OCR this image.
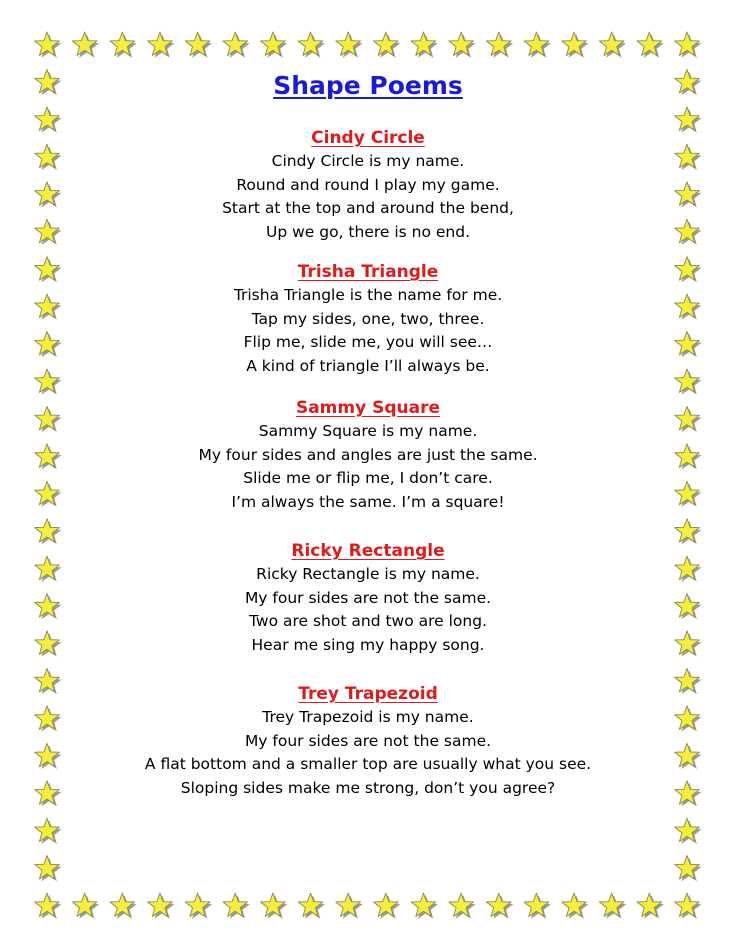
Shape Poems
Cindy Circle

Cindy Circle is my name.

Round and round I play my game.

Start at the top and around the bend,

Up we go, there is no end.

Trisha Triangle

Trisha Triangle is the name for me.

Tap my sides, one, two, three.

Flip me, slide me, you will see…

A kind of triangle I’ll always be.

Sammy Square

Sammy Square is my name.

My four sides and angles are just the same.

Slide me or flip me, I don’t care.

I’m always the same. I’m a square!

Ricky Rectangle

Ricky Rectangle is my name.

My four sides are not the same.

Two are shot and two are long.

Hear me sing my happy song.

Trey Trapezoid

Trey Trapezoid is my name.

My four sides are not the same.

A flat bottom and a smaller top are usually what you see.

Sloping sides make me strong, don’t you agree?
